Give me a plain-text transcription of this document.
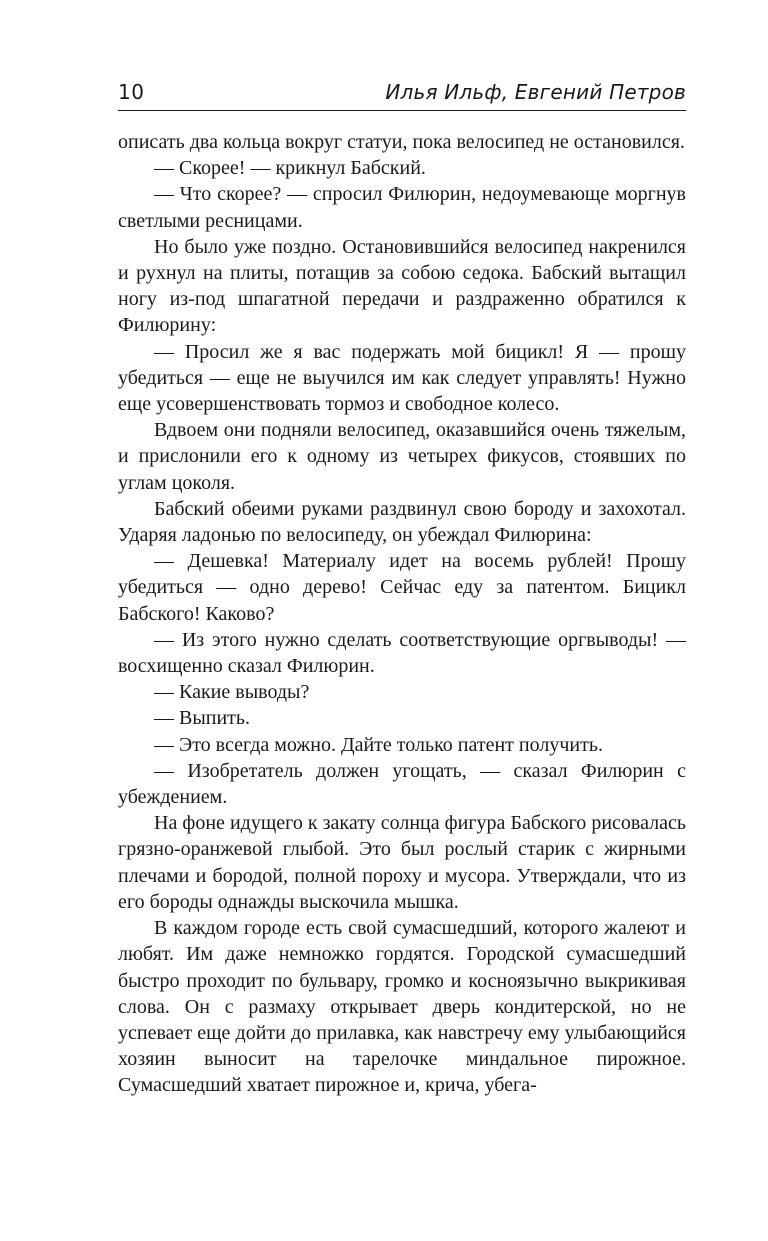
10	Илья Ильф, Евгений Петров

описать два кольца вокруг статуи, пока велосипед не остановился.

— Скорее! — крикнул Бабский.

— Что скорее? — спросил Филюрин, недоумевающе моргнув светлыми ресницами.

Но было уже поздно. Остановившийся велосипед накренился и рухнул на плиты, потащив за собою седока. Бабский вытащил ногу из-под шпагатной передачи и раздраженно обратился к Филюрину:

— Просил же я вас подержать мой бицикл! Я — прошу убедиться — еще не выучился им как следует управлять! Нужно еще усовершенствовать тормоз и свободное колесо.

Вдвоем они подняли велосипед, оказавшийся очень тяжелым, и прислонили его к одному из четырех фикусов, стоявших по углам цоколя.

Бабский обеими руками раздвинул свою бороду и захохотал. Ударяя ладонью по велосипеду, он убеждал Филюрина:

— Дешевка! Материалу идет на восемь рублей! Прошу убедиться — одно дерево! Сейчас еду за патентом. Бицикл Бабского! Каково?

— Из этого нужно сделать соответствующие оргвыводы! — восхищенно сказал Филюрин.

— Какие выводы?

— Выпить.

— Это всегда можно. Дайте только патент получить.

— Изобретатель должен угощать, — сказал Филюрин с убеждением.

На фоне идущего к закату солнца фигура Бабского рисовалась грязно-оранжевой глыбой. Это был рослый старик с жирными плечами и бородой, полной пороху и мусора. Утверждали, что из его бороды однажды выскочила мышка.

В каждом городе есть свой сумасшедший, которого жалеют и любят. Им даже немножко гордятся. Городской сумасшедший быстро проходит по бульвару, громко и косноязычно выкрикивая слова. Он с размаху открывает дверь кондитерской, но не успевает еще дойти до прилавка, как навстречу ему улыбающийся хозяин выносит на тарелочке миндальное пирожное. Сумасшедший хватает пирожное и, крича, убега-
